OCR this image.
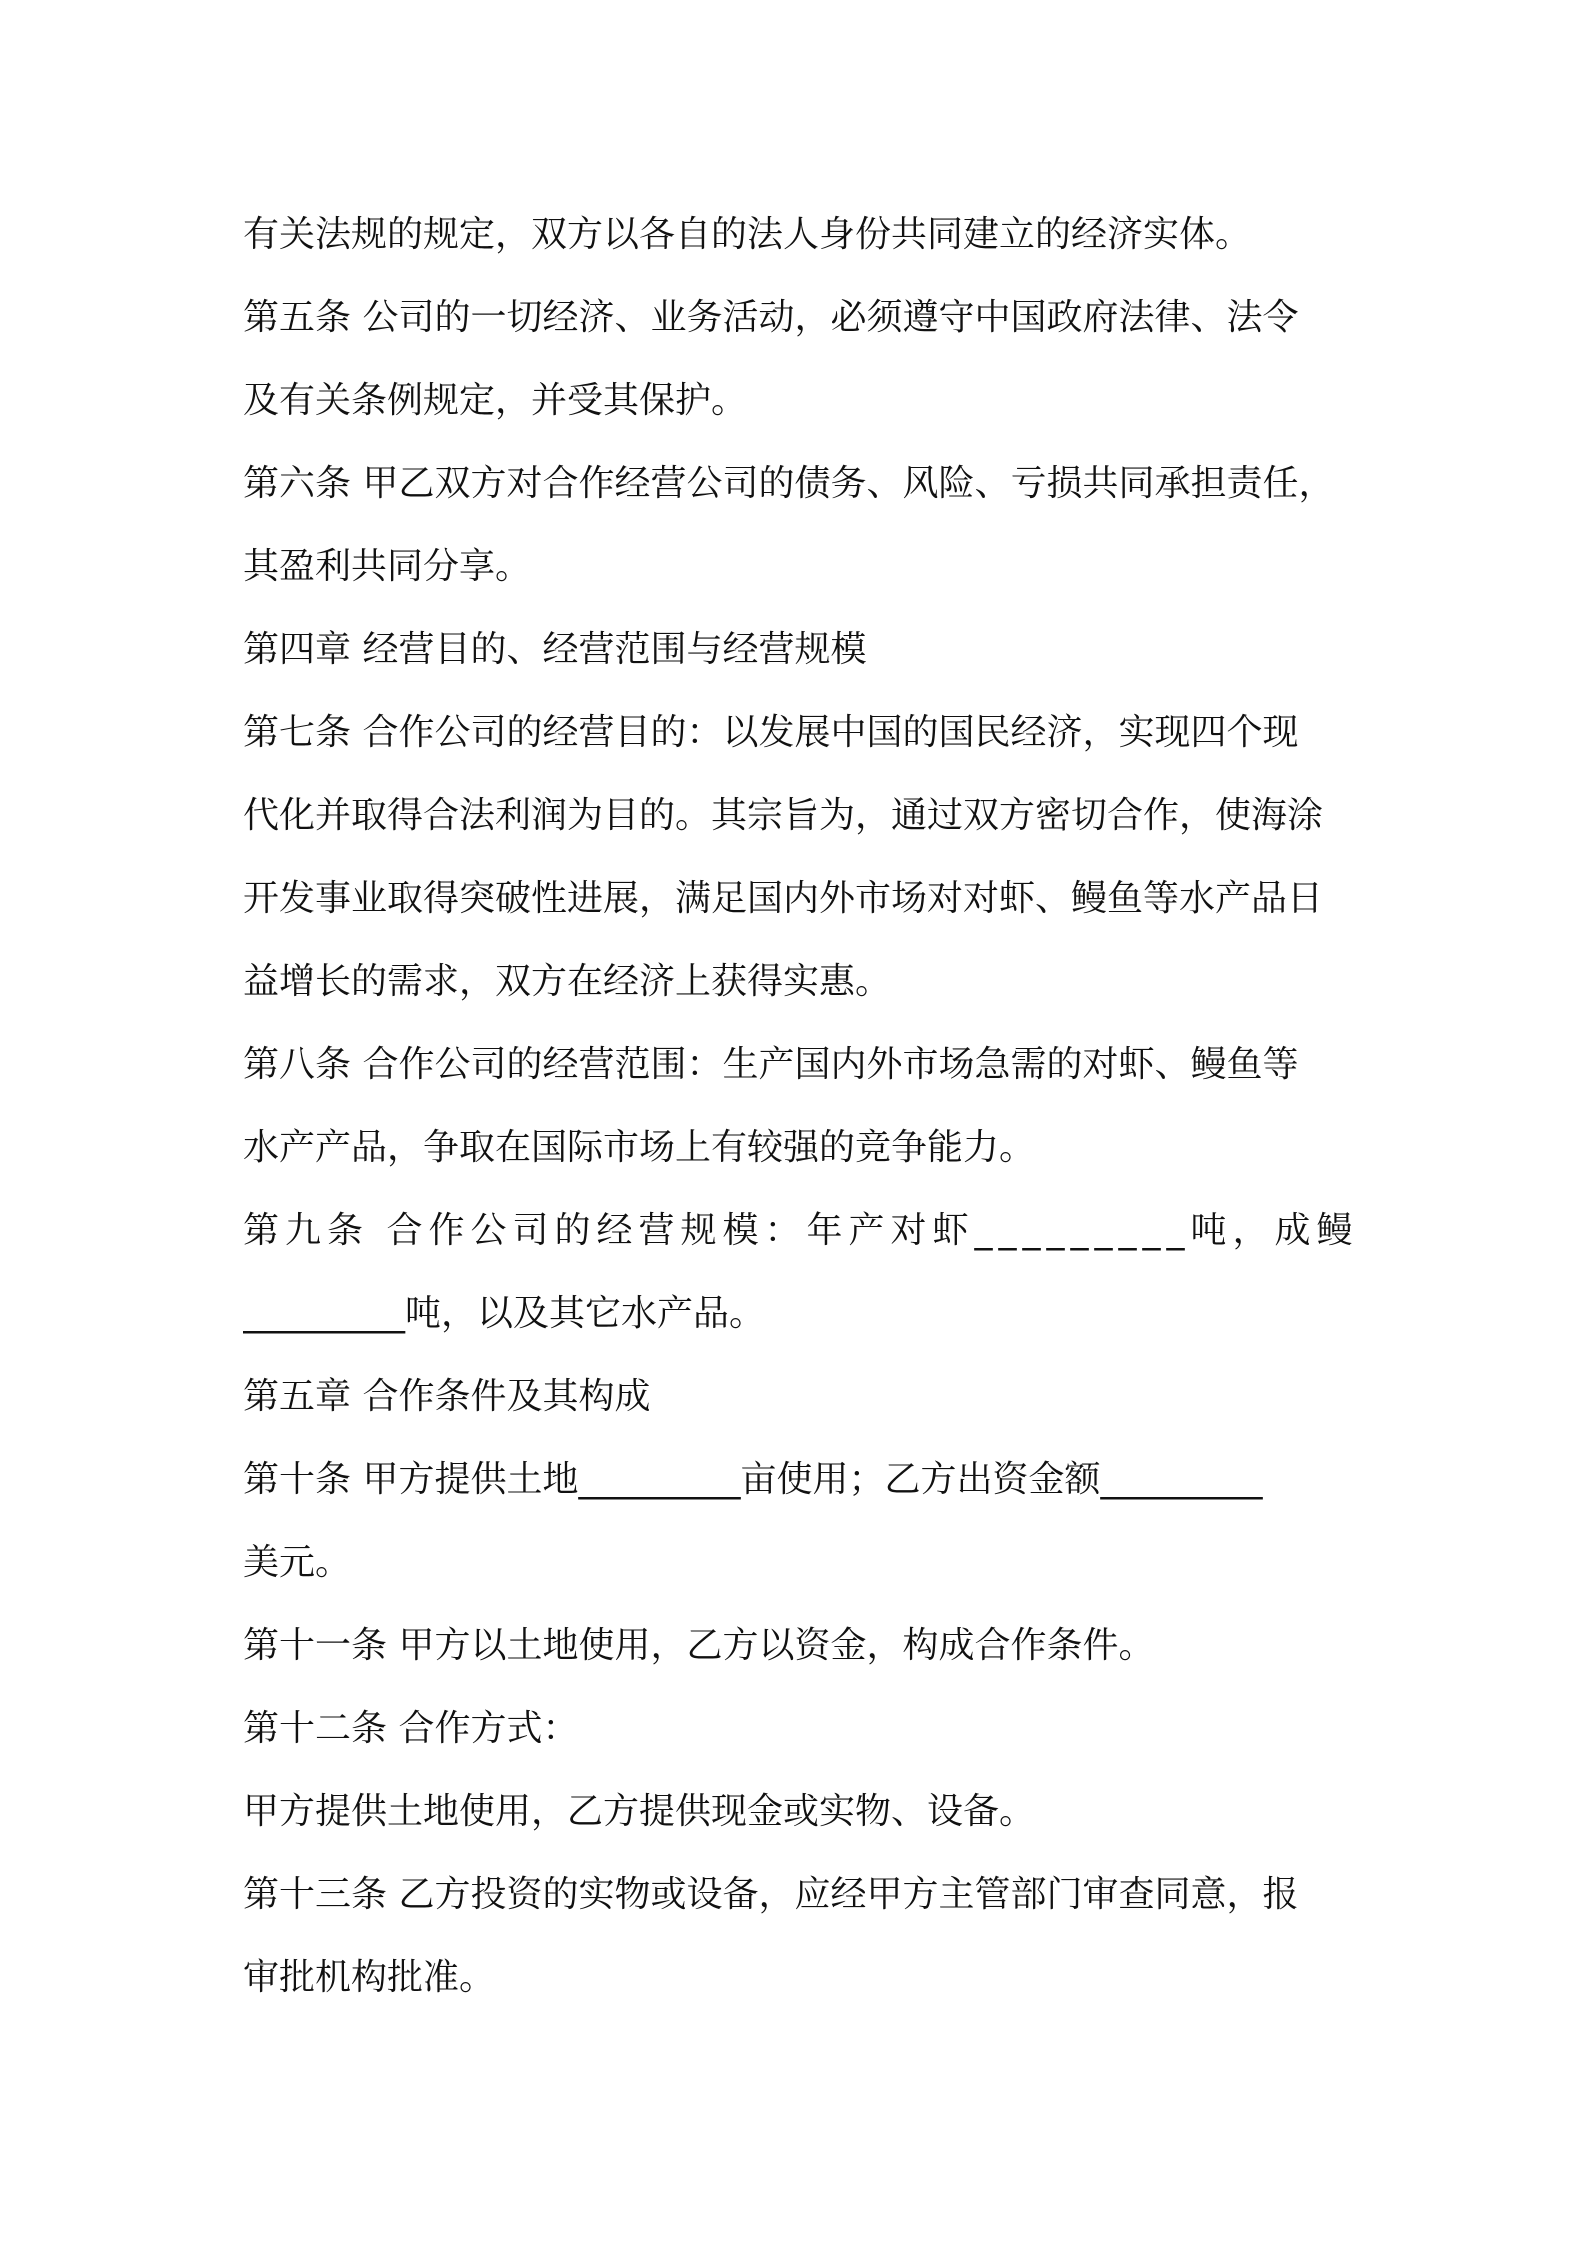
有关法规的规定，双方以各自的法人身份共同建立的经济实体。
第五条 公司的一切经济、业务活动，必须遵守中国政府法律、法令
及有关条例规定，并受其保护。
第六条 甲乙双方对合作经营公司的债务、风险、亏损共同承担责任，
其盈利共同分享。
第四章 经营目的、经营范围与经营规模
第七条 合作公司的经营目的：以发展中国的国民经济，实现四个现
代化并取得合法利润为目的。其宗旨为，通过双方密切合作，使海涂
开发事业取得突破性进展，满足国内外市场对对虾、鳗鱼等水产品日
益增长的需求，双方在经济上获得实惠。
第八条 合作公司的经营范围：生产国内外市场急需的对虾、鳗鱼等
水产产品，争取在国际市场上有较强的竞争能力。
第九条 合作公司的经营规模：年产对虾_________吨，成鳗
_________吨，以及其它水产品。
第五章 合作条件及其构成
第十条 甲方提供土地_________亩使用；乙方出资金额_________
美元。
第十一条 甲方以土地使用，乙方以资金，构成合作条件。
第十二条 合作方式：
甲方提供土地使用，乙方提供现金或实物、设备。
第十三条 乙方投资的实物或设备，应经甲方主管部门审查同意，报
审批机构批准。
